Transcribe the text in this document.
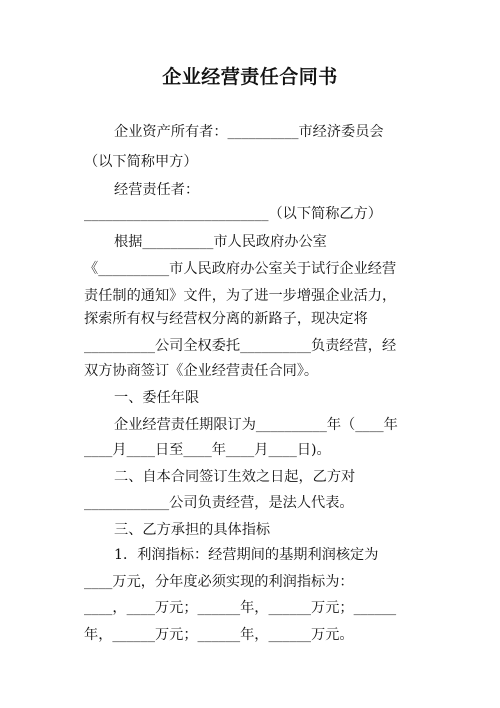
企业经营责任合同书
企业资产所有者：__________市经济委员会
（以下简称甲方）
经营责任者：
__________________________（以下简称乙方）
根据__________市人民政府办公室
《__________市人民政府办公室关于试行企业经营
责任制的通知》文件，为了进一步增强企业活力，
探索所有权与经营权分离的新路子，现决定将
__________公司全权委托__________负责经营，经
双方协商签订《企业经营责任合同》。
一、委任年限
企业经营责任期限订为__________年（____年
____月____日至____年____月____日)。
二、自本合同签订生效之日起，乙方对
____________公司负责经营，是法人代表。
三、乙方承担的具体指标
1．利润指标：经营期间的基期利润核定为
____万元，分年度必须实现的利润指标为：
____，____万元；______年，______万元；______
年，______万元；______年，______万元。
